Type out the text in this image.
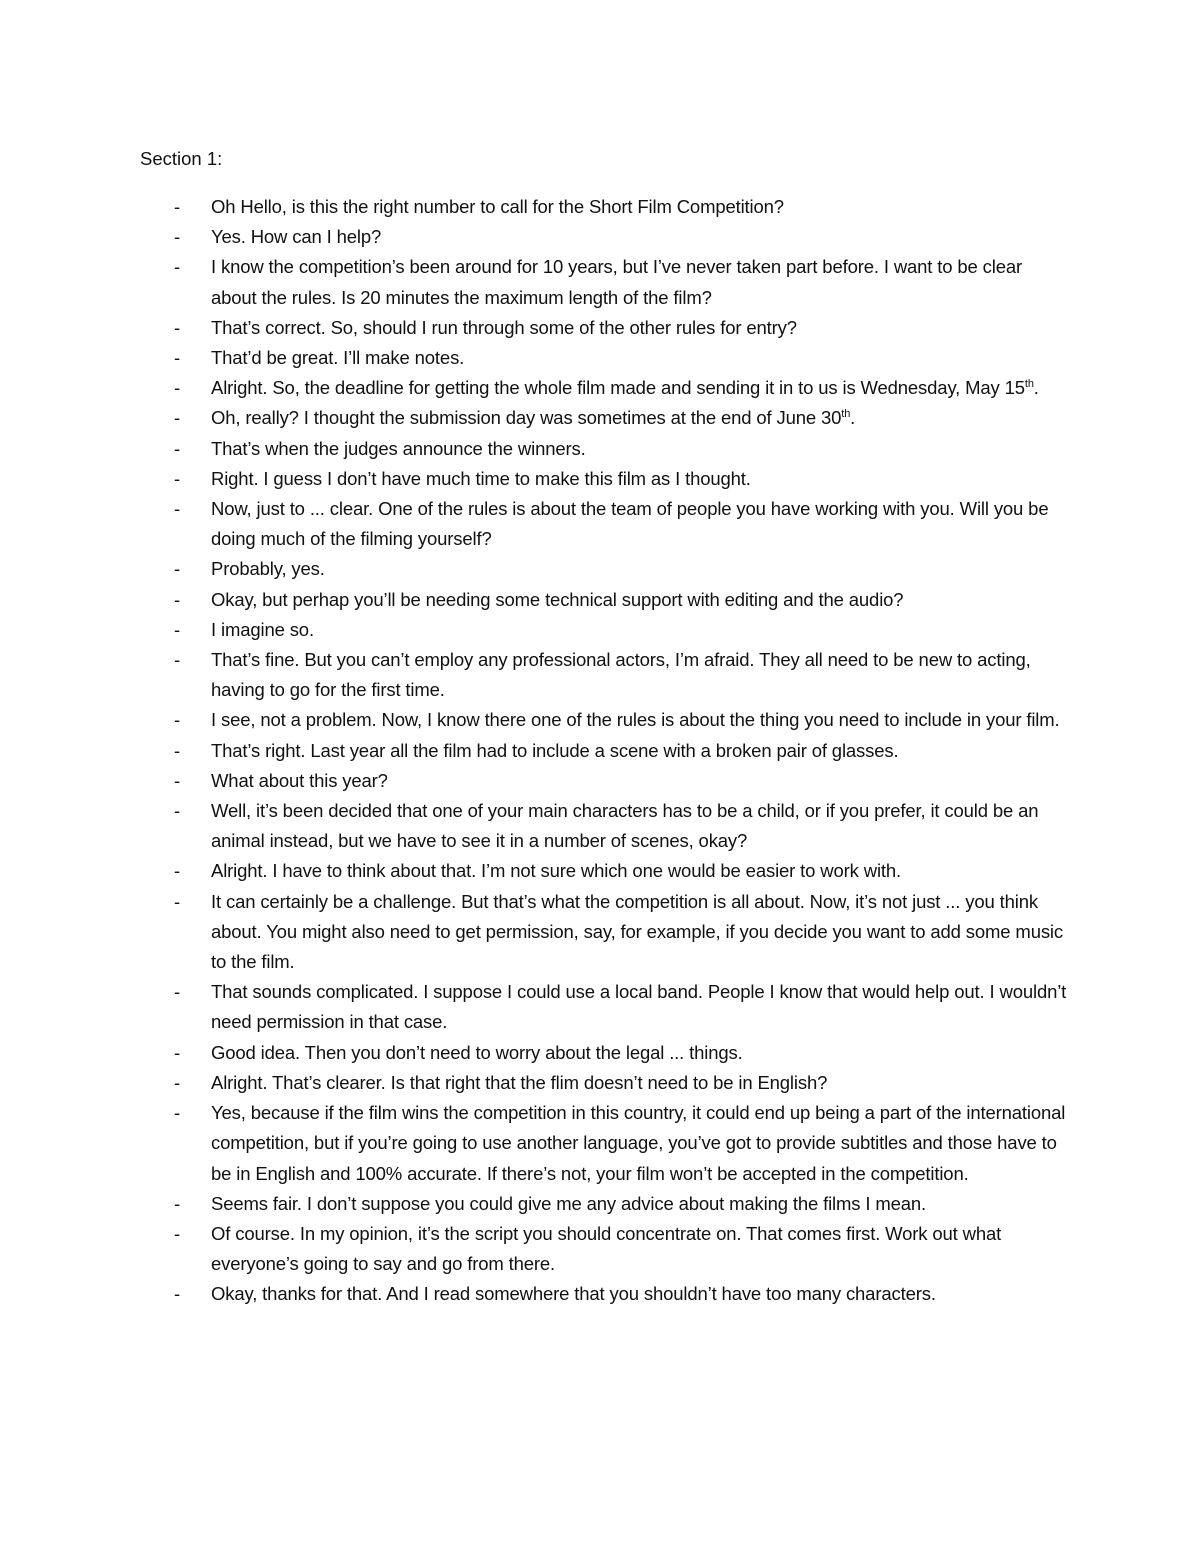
Section 1:
- Oh Hello, is this the right number to call for the Short Film Competition?
- Yes. How can I help?
- I know the competition’s been around for 10 years, but I’ve never taken part before. I want to be clear about the rules. Is 20 minutes the maximum length of the film?
- That’s correct. So, should I run through some of the other rules for entry?
- That’d be great. I’ll make notes.
- Alright. So, the deadline for getting the whole film made and sending it in to us is Wednesday, May 15th.
- Oh, really? I thought the submission day was sometimes at the end of June 30th.
- That’s when the judges announce the winners.
- Right. I guess I don’t have much time to make this film as I thought.
- Now, just to ... clear. One of the rules is about the team of people you have working with you. Will you be doing much of the filming yourself?
- Probably, yes.
- Okay, but perhap you’ll be needing some technical support with editing and the audio?
- I imagine so.
- That’s fine. But you can’t employ any professional actors, I’m afraid. They all need to be new to acting, having to go for the first time.
- I see, not a problem. Now, I know there one of the rules is about the thing you need to include in your film.
- That’s right. Last year all the film had to include a scene with a broken pair of glasses.
- What about this year?
- Well, it’s been decided that one of your main characters has to be a child, or if you prefer, it could be an animal instead, but we have to see it in a number of scenes, okay?
- Alright. I have to think about that. I’m not sure which one would be easier to work with.
- It can certainly be a challenge. But that’s what the competition is all about. Now, it’s not just ... you think about. You might also need to get permission, say, for example, if you decide you want to add some music to the film.
- That sounds complicated. I suppose I could use a local band. People I know that would help out. I wouldn’t need permission in that case.
- Good idea. Then you don’t need to worry about the legal ... things.
- Alright. That’s clearer. Is that right that the flim doesn’t need to be in English?
- Yes, because if the film wins the competition in this country, it could end up being a part of the international competition, but if you’re going to use another language, you’ve got to provide subtitles and those have to be in English and 100% accurate. If there’s not, your film won’t be accepted in the competition.
- Seems fair. I don’t suppose you could give me any advice about making the films I mean.
- Of course. In my opinion, it’s the script you should concentrate on. That comes first. Work out what everyone’s going to say and go from there.
- Okay, thanks for that. And I read somewhere that you shouldn’t have too many characters.
